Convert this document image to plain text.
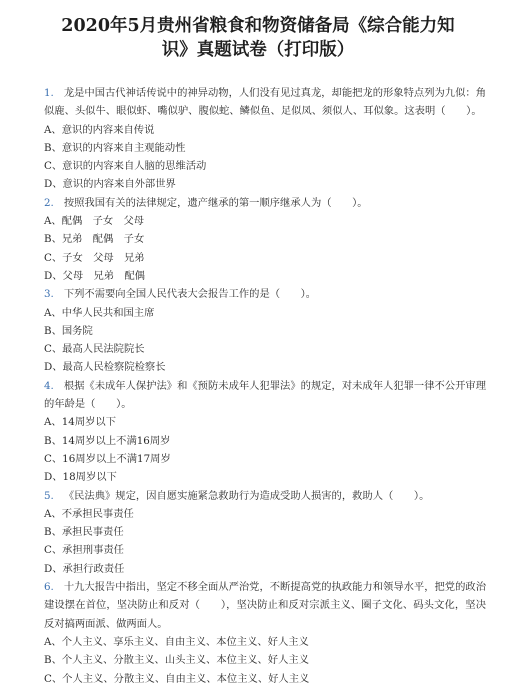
2020年5月贵州省粮食和物资储备局《综合能力知
识》真题试卷（打印版）
1. 龙是中国古代神话传说中的神异动物，人们没有见过真龙，却能把龙的形象特点列为九似：角似鹿、头似牛、眼似虾、嘴似驴、腹似蛇、鳞似鱼、足似凤、须似人、耳似象。这表明（　　）。
A、意识的内容来自传说
B、意识的内容来自主观能动性
C、意识的内容来自人脑的思维活动
D、意识的内容来自外部世界
2. 按照我国有关的法律规定，遗产继承的第一顺序继承人为（　　）。
A、配偶　子女　父母
B、兄弟　配偶　子女
C、子女　父母　兄弟
D、父母　兄弟　配偶
3. 下列不需要向全国人民代表大会报告工作的是（　　）。
A、中华人民共和国主席
B、国务院
C、最高人民法院院长
D、最高人民检察院检察长
4. 根据《未成年人保护法》和《预防未成年人犯罪法》的规定，对未成年人犯罪一律不公开审理的年龄是（　　）。
A、14周岁以下
B、14周岁以上不满16周岁
C、16周岁以上不满17周岁
D、18周岁以下
5. 《民法典》规定，因自愿实施紧急救助行为造成受助人损害的，救助人（　　）。
A、不承担民事责任
B、承担民事责任
C、承担刑事责任
D、承担行政责任
6. 十九大报告中指出，坚定不移全面从严治党，不断提高党的执政能力和领导水平，把党的政治建设摆在首位，坚决防止和反对（　　），坚决防止和反对宗派主义、圈子文化、码头文化，坚决反对搞两面派、做两面人。
A、个人主义、享乐主义、自由主义、本位主义、好人主义
B、个人主义、分散主义、山头主义、本位主义、好人主义
C、个人主义、分散主义、自由主义、本位主义、好人主义
